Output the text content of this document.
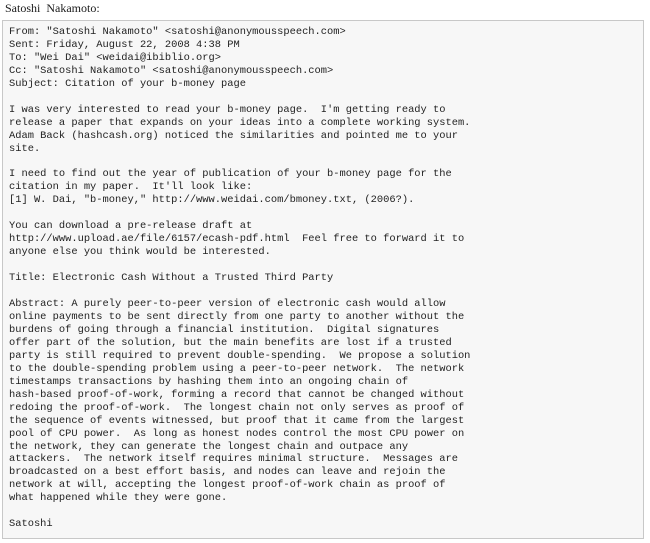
Satoshi  Nakamoto:
From: "Satoshi Nakamoto" <satoshi@anonymousspeech.com>
Sent: Friday, August 22, 2008 4:38 PM
To: "Wei Dai" <weidai@ibiblio.org>
Cc: "Satoshi Nakamoto" <satoshi@anonymousspeech.com>
Subject: Citation of your b-money page

I was very interested to read your b-money page.  I'm getting ready to
release a paper that expands on your ideas into a complete working system.
Adam Back (hashcash.org) noticed the similarities and pointed me to your
site.

I need to find out the year of publication of your b-money page for the
citation in my paper.  It'll look like:
[1] W. Dai, "b-money," http://www.weidai.com/bmoney.txt, (2006?).

You can download a pre-release draft at
http://www.upload.ae/file/6157/ecash-pdf.html  Feel free to forward it to
anyone else you think would be interested.

Title: Electronic Cash Without a Trusted Third Party

Abstract: A purely peer-to-peer version of electronic cash would allow
online payments to be sent directly from one party to another without the
burdens of going through a financial institution.  Digital signatures
offer part of the solution, but the main benefits are lost if a trusted
party is still required to prevent double-spending.  We propose a solution
to the double-spending problem using a peer-to-peer network.  The network
timestamps transactions by hashing them into an ongoing chain of
hash-based proof-of-work, forming a record that cannot be changed without
redoing the proof-of-work.  The longest chain not only serves as proof of
the sequence of events witnessed, but proof that it came from the largest
pool of CPU power.  As long as honest nodes control the most CPU power on
the network, they can generate the longest chain and outpace any
attackers.  The network itself requires minimal structure.  Messages are
broadcasted on a best effort basis, and nodes can leave and rejoin the
network at will, accepting the longest proof-of-work chain as proof of
what happened while they were gone.

Satoshi
